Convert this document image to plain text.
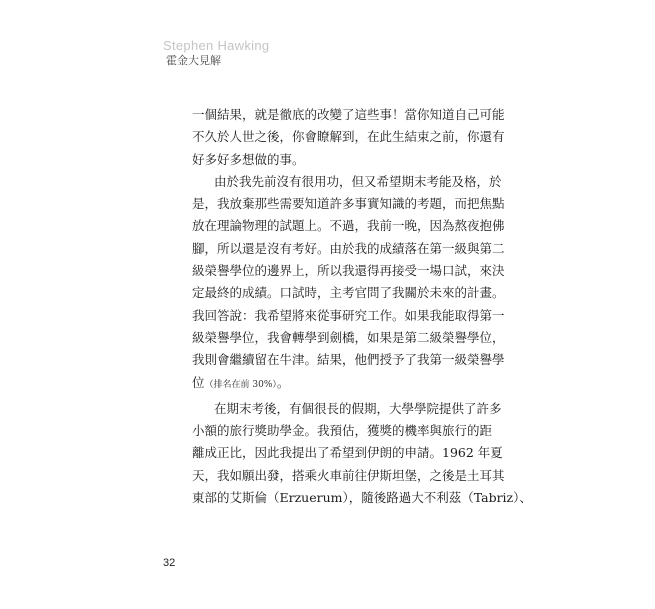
Stephen Hawking
霍金大見解
一個結果，就是徹底的改變了這些事！當你知道自己可能
不久於人世之後，你會瞭解到，在此生結束之前，你還有
好多好多想做的事。
由於我先前沒有很用功，但又希望期末考能及格，於
是，我放棄那些需要知道許多事實知識的考題，而把焦點
放在理論物理的試題上。不過，我前一晚，因為熬夜抱佛
腳，所以還是沒有考好。由於我的成績落在第一級與第二
級榮譽學位的邊界上，所以我還得再接受一場口試，來決
定最終的成績。口試時，主考官問了我關於未來的計畫。
我回答說：我希望將來從事研究工作。如果我能取得第一
級榮譽學位，我會轉學到劍橋，如果是第二級榮譽學位，
我則會繼續留在牛津。結果，他們授予了我第一級榮譽學
位（排名在前 30%）。
在期末考後，有個很長的假期，大學學院提供了許多
小額的旅行獎助學金。我預估，獲獎的機率與旅行的距
離成正比，因此我提出了希望到伊朗的申請。1962 年夏
天，我如願出發，搭乘火車前往伊斯坦堡，之後是土耳其
東部的艾斯倫（Erzuerum），隨後路過大不利茲（Tabriz）、
32
